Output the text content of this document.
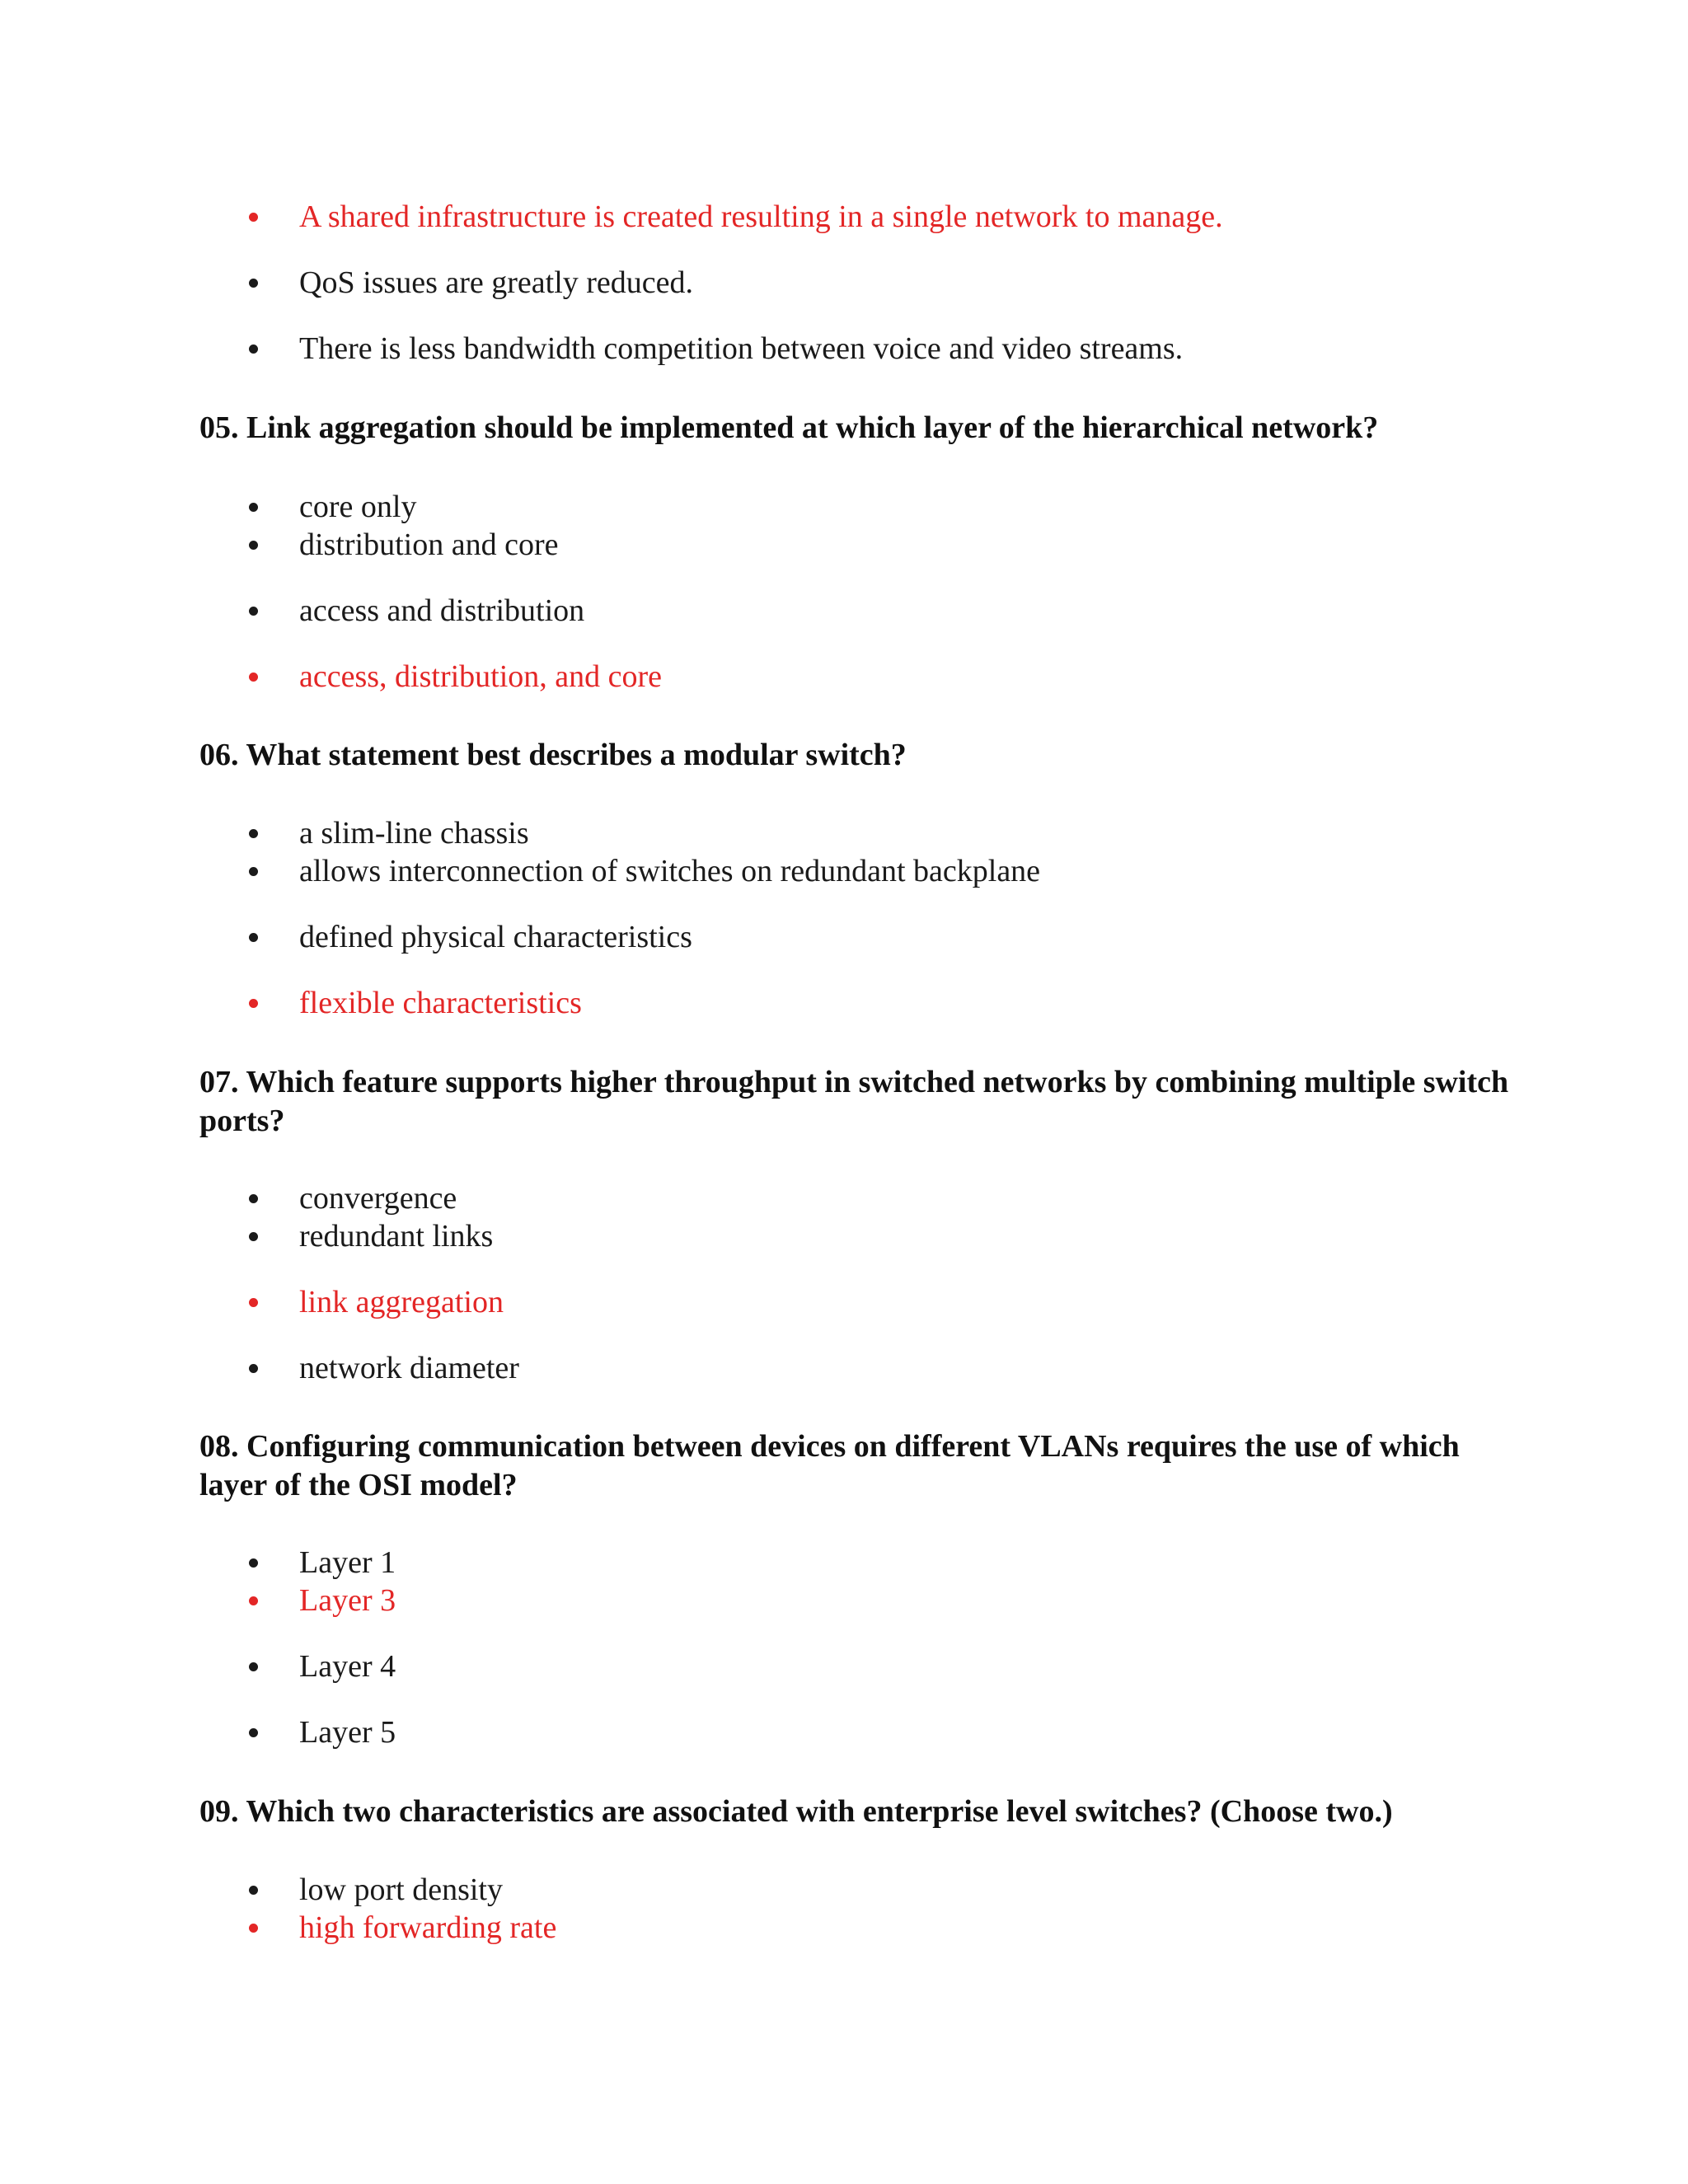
A shared infrastructure is created resulting in a single network to manage.
QoS issues are greatly reduced.
There is less bandwidth competition between voice and video streams.
05. Link aggregation should be implemented at which layer of the hierarchical network?
core only
distribution and core
access and distribution
access, distribution, and core
06. What statement best describes a modular switch?
a slim-line chassis
allows interconnection of switches on redundant backplane
defined physical characteristics
flexible characteristics
07. Which feature supports higher throughput in switched networks by combining multiple switch ports?
convergence
redundant links
link aggregation
network diameter
08. Configuring communication between devices on different VLANs requires the use of which layer of the OSI model?
Layer 1
Layer 3
Layer 4
Layer 5
09. Which two characteristics are associated with enterprise level switches? (Choose two.)
low port density
high forwarding rate
